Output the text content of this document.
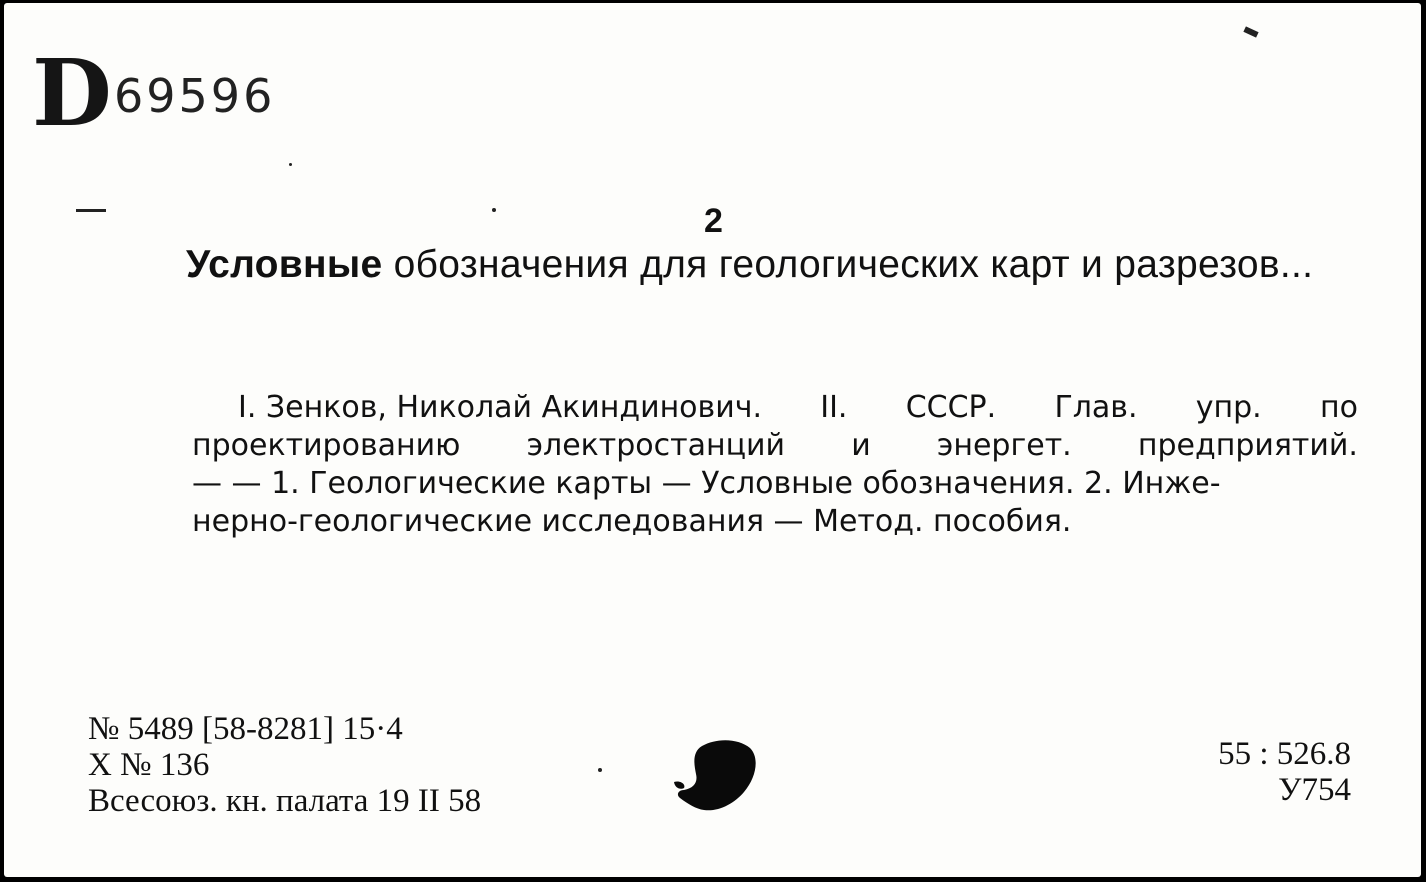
D 69596
2
Условные обозначения для геологических карт и разрезов...
I. Зенков, Николай Акиндинович. II. СССР. Глав. упр. по
проектированию электростанций и энергет. предприятий.
— — 1. Геологические карты — Условные обозначения. 2. Инже-
нерно-геологические исследования — Метод. пособия.
№ 5489 [58-8281] 15·4
X № 136
Всесоюз. кн. палата 19 II 58
55 : 526.8
У754
